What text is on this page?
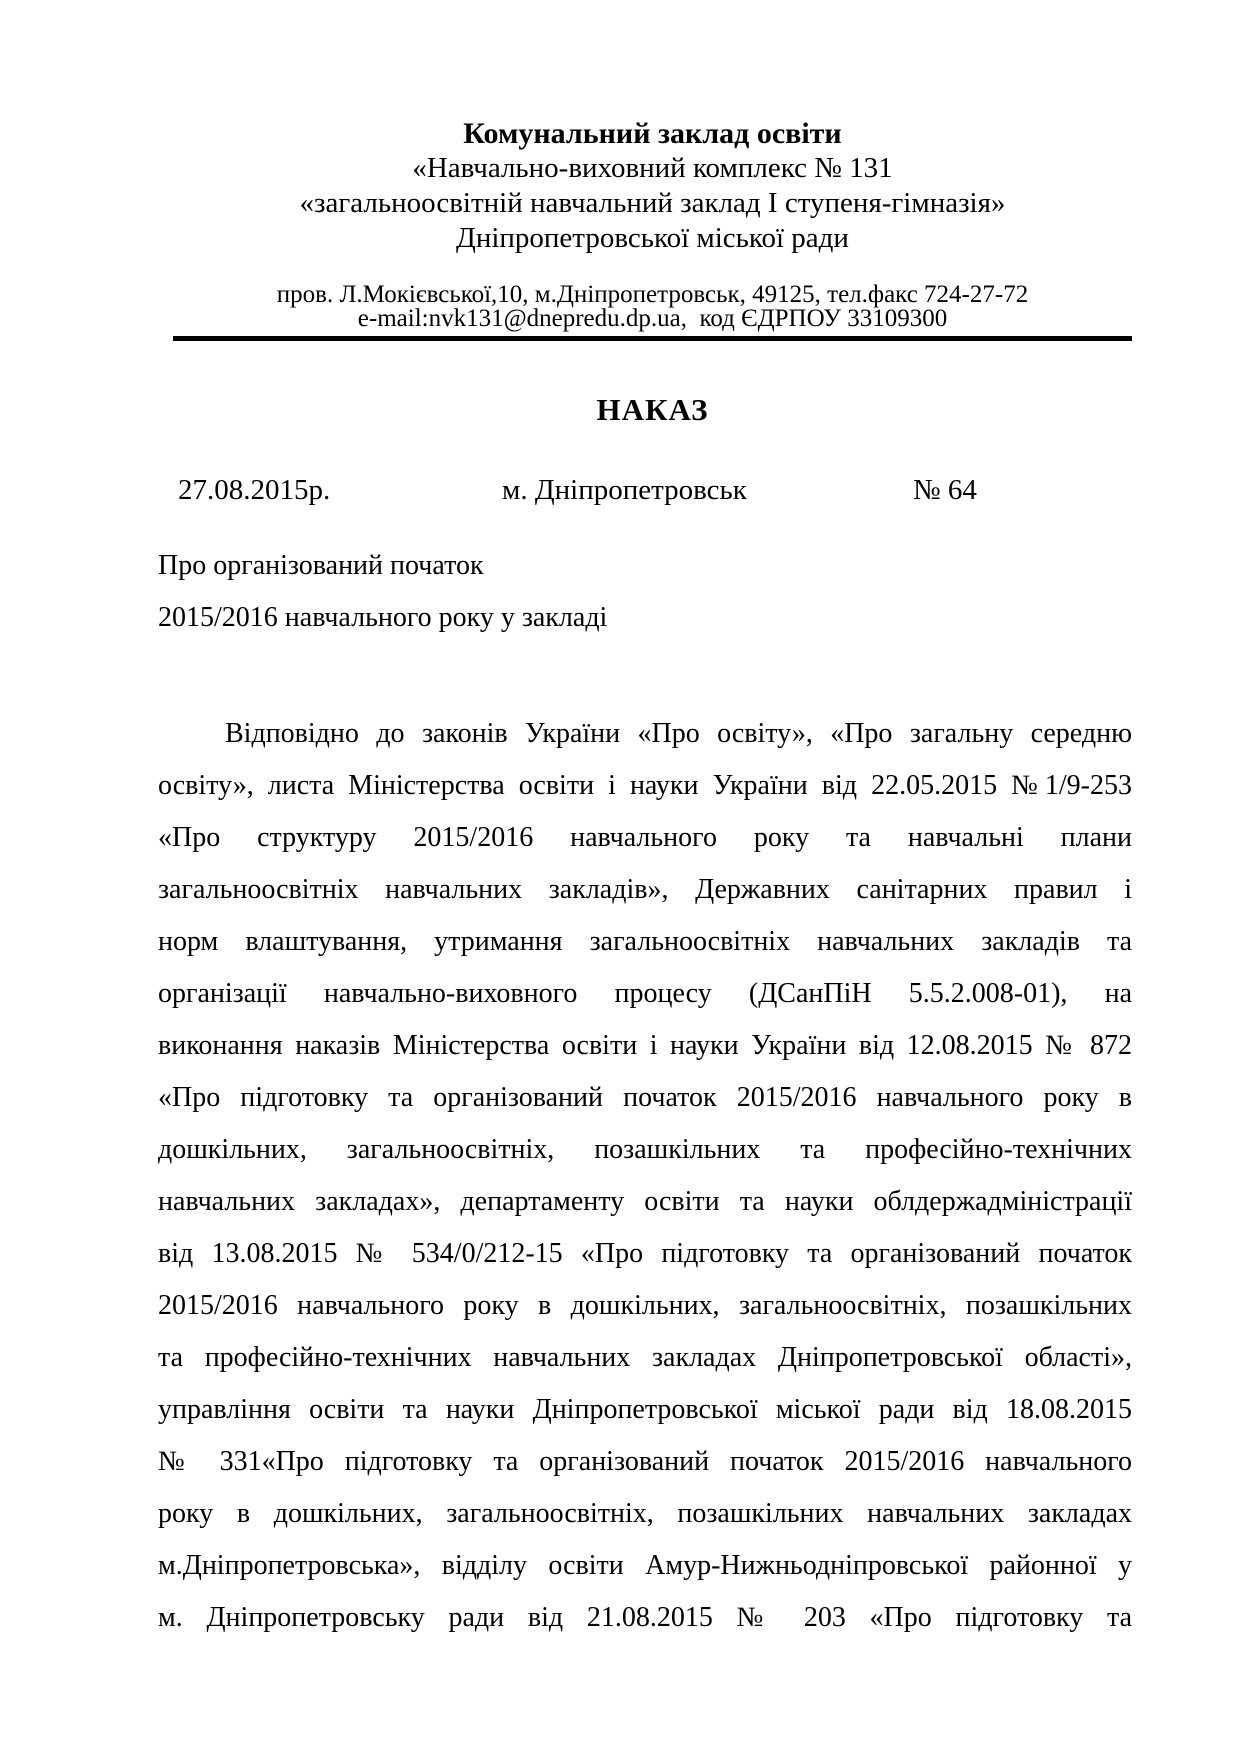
Комунальний заклад освіти
«Навчально-виховний комплекс № 131
«загальноосвітній навчальний заклад І ступеня-гімназія»
Дніпропетровської міської ради
пров. Л.Мокієвської,10, м.Дніпропетровськ, 49125, тел.факс 724-27-72
e-mail:nvk131@dnepredu.dp.ua,  код ЄДРПОУ 33109300
НАКАЗ
27.08.2015р.	м. Дніпропетровськ	№ 64
Про організований початок
2015/2016 навчального року у закладі
Відповідно до законів України «Про освіту», «Про загальну середню
освіту», листа Міністерства освіти і науки України від 22.05.2015 №1/9-253
«Про структуру 2015/2016 навчального року та навчальні плани
загальноосвітніх навчальних закладів», Державних санітарних правил і
норм влаштування, утримання загальноосвітніх навчальних закладів та
організації навчально-виховного процесу (ДСанПіН 5.5.2.008-01), на
виконання наказів Міністерства освіти і науки України від 12.08.2015 № 872
«Про підготовку та організований початок 2015/2016 навчального року в
дошкільних, загальноосвітніх, позашкільних та професійно-технічних
навчальних закладах», департаменту освіти та науки облдержадміністрації
від 13.08.2015 № 534/0/212-15 «Про підготовку та організований початок
2015/2016 навчального року в дошкільних, загальноосвітніх, позашкільних
та професійно-технічних навчальних закладах Дніпропетровської області»,
управління освіти та науки Дніпропетровської міської ради від 18.08.2015
№ 331«Про підготовку та організований початок 2015/2016 навчального
року в дошкільних, загальноосвітніх, позашкільних навчальних закладах
м.Дніпропетровська», відділу освіти Амур-Нижньодніпровської районної у
м. Дніпропетровську ради від 21.08.2015 № 203 «Про підготовку та
